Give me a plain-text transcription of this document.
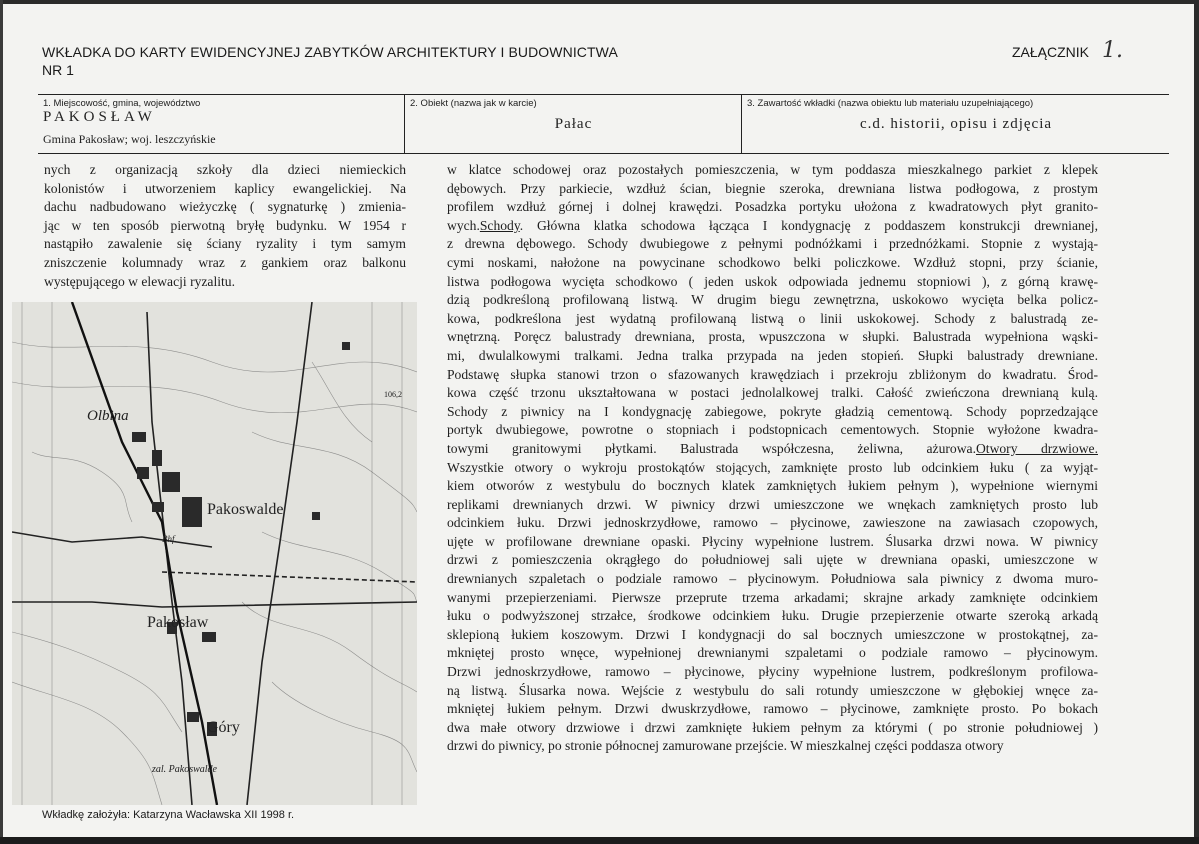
WKŁADKA DO KARTY EWIDENCYJNEJ ZABYTKÓW ARCHITEKTURY I BUDOWNICTWA
NR 1
ZAŁĄCZNIK 1.
1. Miejscowość, gmina, województwo
PAKOSŁAW
Gmina Pakosław; woj. leszczyńskie
2. Obiekt (nazwa jak w karcie)
Pałac
3. Zawartość wkładki (nazwa obiektu lub materiału uzupełniającego)
c.d. historii, opisu i zdjęcia
nych z organizacją szkoły dla dzieci niemieckich
kolonistów i utworzeniem kaplicy ewangelickiej. Na
dachu nadbudowano wieżyczkę ( sygnaturkę ) zmienia-
jąc w ten sposób pierwotną bryłę budynku. W 1954 r
nastąpiło zawalenie się ściany ryzality i tym samym
zniszczenie kolumnady wraz z gankiem oraz balkonu
występującego w elewacji ryzalitu.
Olbina
Pakoswalde
Pakosław
Góry
zal. Pakoswalde
106,2
Bhf.
Wkładkę założyła: Katarzyna Wacławska XII 1998 r.
w klatce schodowej oraz pozostałych pomieszczenia, w tym poddasza mieszkalnego parkiet z klepek
dębowych. Przy parkiecie, wzdłuż ścian, biegnie szeroka, drewniana listwa podłogowa, z prostym
profilem wzdłuż górnej i dolnej krawędzi. Posadzka portyku ułożona z kwadratowych płyt granito-
wych.Schody. Główna klatka schodowa łącząca I kondygnację z poddaszem konstrukcji drewnianej,
z drewna dębowego. Schody dwubiegowe z pełnymi podnóżkami i przednóżkami. Stopnie z wystają-
cymi noskami, nałożone na powycinane schodkowo belki policzkowe. Wzdłuż stopni, przy ścianie,
listwa podłogowa wycięta schodkowo ( jeden uskok odpowiada jednemu stopniowi ), z górną krawę-
dzią podkreśloną profilowaną listwą. W drugim biegu zewnętrzna, uskokowo wycięta belka policz-
kowa, podkreślona jest wydatną profilowaną listwą o linii uskokowej. Schody z balustradą ze-
wnętrzną. Poręcz balustrady drewniana, prosta, wpuszczona w słupki. Balustrada wypełniona wąski-
mi, dwulalkowymi tralkami. Jedna tralka przypada na jeden stopień. Słupki balustrady drewniane.
Podstawę słupka stanowi trzon o sfazowanych krawędziach i przekroju zbliżonym do kwadratu. Środ-
kowa część trzonu ukształtowana w postaci jednolalkowej tralki. Całość zwieńczona drewnianą kulą.
Schody z piwnicy na I kondygnację zabiegowe, pokryte gładzią cementową. Schody poprzedzające
portyk dwubiegowe, powrotne o stopniach i podstopnicach cementowych. Stopnie wyłożone kwadra-
towymi granitowymi płytkami. Balustrada współczesna, żeliwna, ażurowa.Otwory drzwiowe.
Wszystkie otwory o wykroju prostokątów stojących, zamknięte prosto lub odcinkiem łuku ( za wyjąt-
kiem otworów z westybulu do bocznych klatek zamkniętych łukiem pełnym ), wypełnione wiernymi
replikami drewnianych drzwi. W piwnicy drzwi umieszczone we wnękach zamkniętych prosto lub
odcinkiem łuku. Drzwi jednoskrzydłowe, ramowo – płycinowe, zawieszone na zawiasach czopowych,
ujęte w profilowane drewniane opaski. Płyciny wypełnione lustrem. Ślusarka drzwi nowa. W piwnicy
drzwi z pomieszczenia okrągłego do południowej sali ujęte w drewniana opaski, umieszczone w
drewnianych szpaletach o podziale ramowo – płycinowym. Południowa sala piwnicy z dwoma muro-
wanymi przepierzeniami. Pierwsze przeprute trzema arkadami; skrajne arkady zamknięte odcinkiem
łuku o podwyższonej strzałce, środkowe odcinkiem łuku. Drugie przepierzenie otwarte szeroką arkadą
sklepioną łukiem koszowym. Drzwi I kondygnacji do sal bocznych umieszczone w prostokątnej, za-
mkniętej prosto wnęce, wypełnionej drewnianymi szpaletami o podziale ramowo – płycinowym.
Drzwi jednoskrzydłowe, ramowo – płycinowe, płyciny wypełnione lustrem, podkreślonym profilowa-
ną listwą. Ślusarka nowa. Wejście z westybulu do sali rotundy umieszczone w głębokiej wnęce za-
mkniętej łukiem pełnym. Drzwi dwuskrzydłowe, ramowo – płycinowe, zamknięte prosto. Po bokach
dwa małe otwory drzwiowe i drzwi zamknięte łukiem pełnym za którymi ( po stronie południowej )
drzwi do piwnicy, po stronie północnej zamurowane przejście. W mieszkalnej części poddasza otwory
